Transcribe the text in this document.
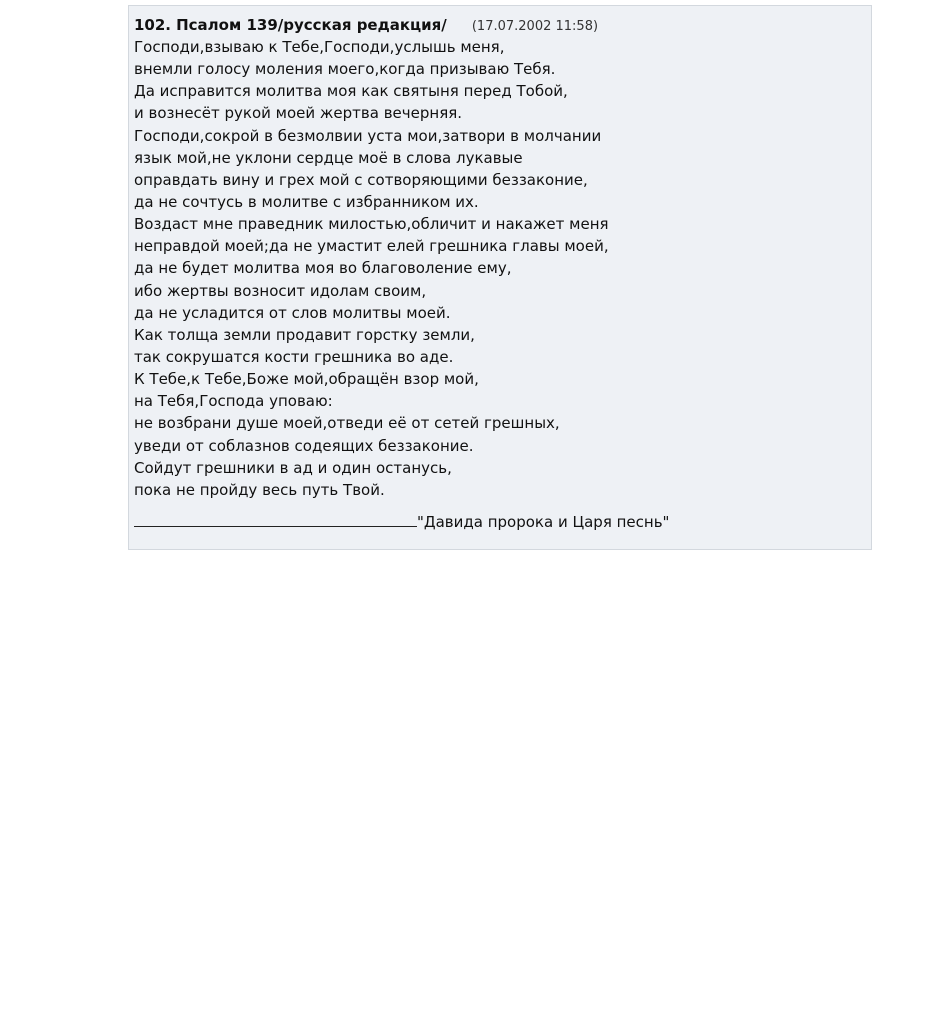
102. Псалом 139/русская редакция/ (17.07.2002 11:58)
Господи,взываю к Тебе,Господи,услышь меня,
внемли голосу моления моего,когда призываю Тебя.
Да исправится молитва моя как святыня перед Тобой,
и вознесёт рукой моей жертва вечерняя.
Господи,сокрой в безмолвии уста мои,затвори в молчании
язык мой,не уклони сердце моё в слова лукавые
оправдать вину и грех мой с сотворяющими беззаконие,
да не сочтусь в молитве с избранником их.
Воздаст мне праведник милостью,обличит и накажет меня
неправдой моей;да не умастит елей грешника главы моей,
да не будет молитва моя во благоволение ему,
ибо жертвы возносит идолам своим,
да не усладится от слов молитвы моей.
Как толща земли продавит горстку земли,
так сокрушатся кости грешника во аде.
К Тебе,к Тебе,Боже мой,обращён взор мой,
на Тебя,Господа уповаю:
не возбрани душе моей,отведи её от сетей грешных,
уведи от соблазнов содеящих беззаконие.
Сойдут грешники в ад и один останусь,
пока не пройду весь путь Твой.
"Давида пророка и Царя песнь"
